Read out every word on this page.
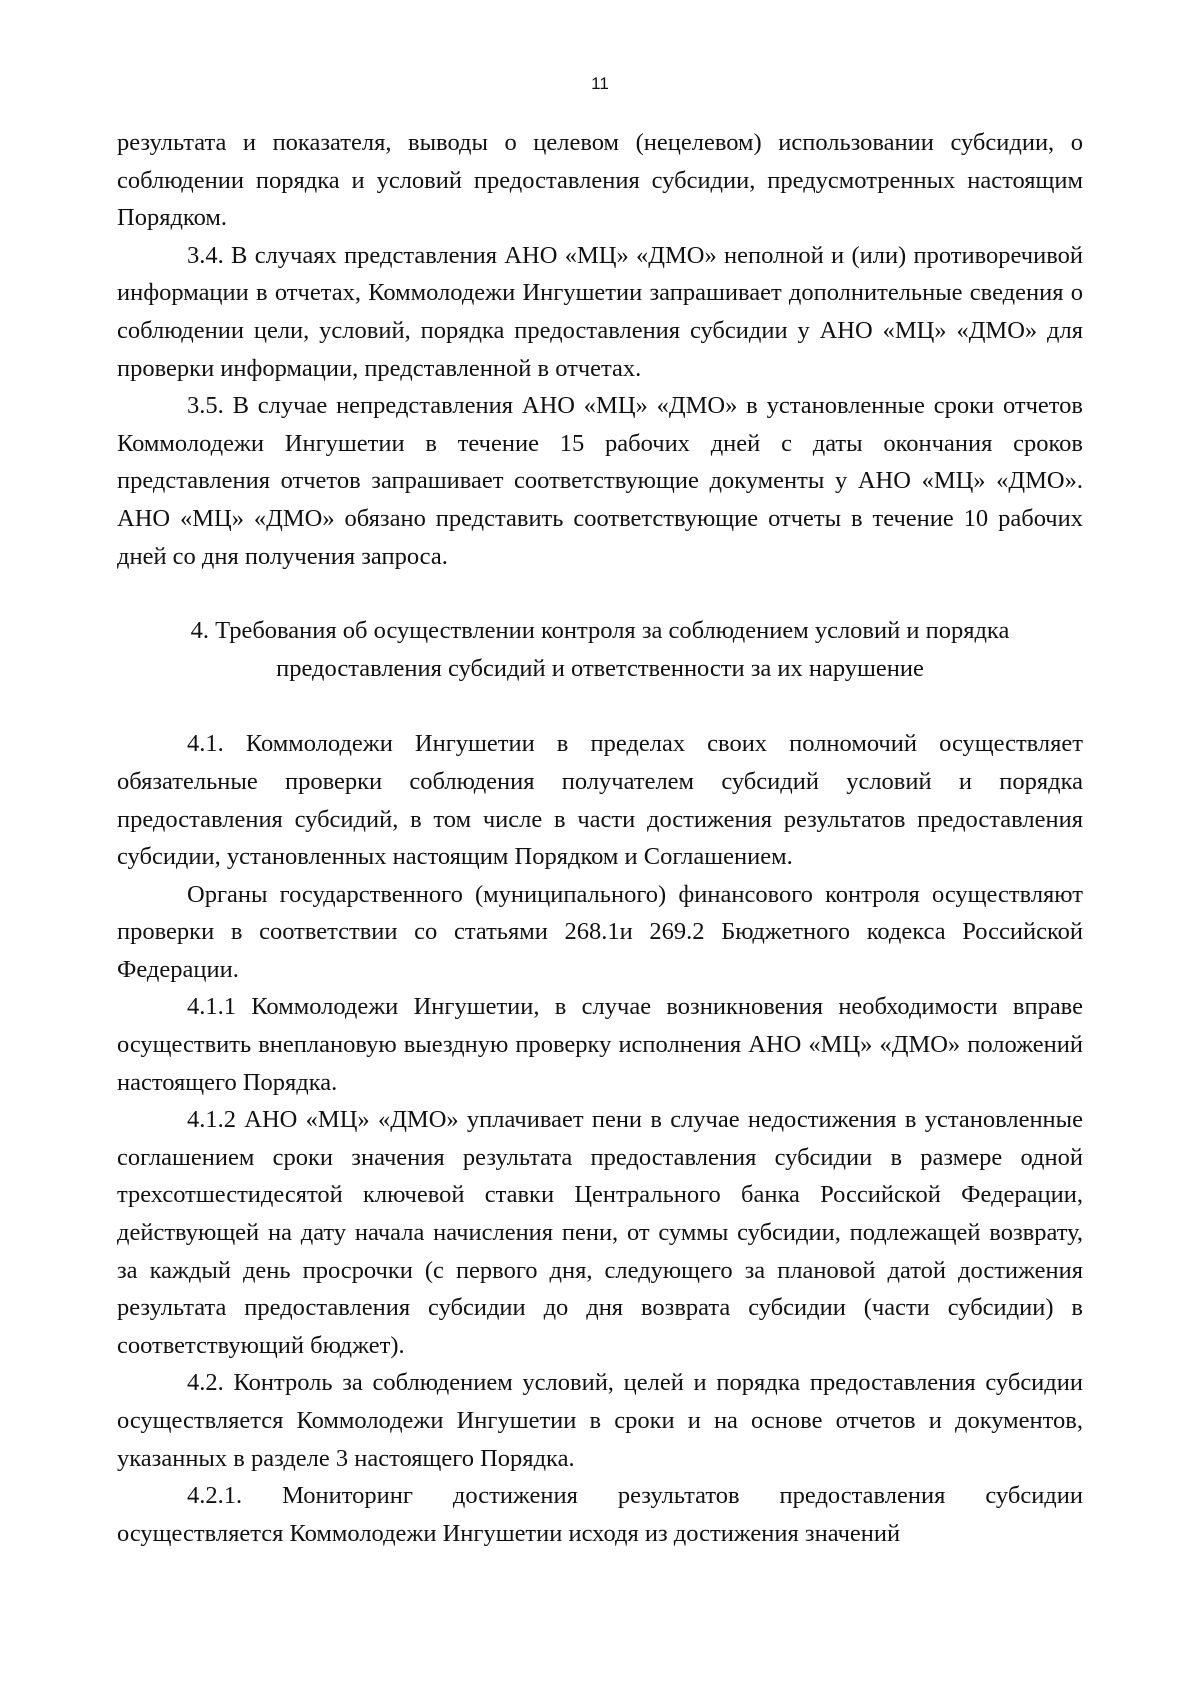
11

результата и показателя, выводы о целевом (нецелевом) использовании субсидии, о соблюдении порядка и условий предоставления субсидии, предусмотренных настоящим Порядком.

3.4. В случаях представления АНО «МЦ» «ДМО» неполной и (или) противоречивой информации в отчетах, Коммолодежи Ингушетии запрашивает дополнительные сведения о соблюдении цели, условий, порядка предоставления субсидии у АНО «МЦ» «ДМО» для проверки информации, представленной в отчетах.

3.5. В случае непредставления АНО «МЦ» «ДМО» в установленные сроки отчетов Коммолодежи Ингушетии в течение 15 рабочих дней с даты окончания сроков представления отчетов запрашивает соответствующие документы у АНО «МЦ» «ДМО». АНО «МЦ» «ДМО» обязано представить соответствующие отчеты в течение 10 рабочих дней со дня получения запроса.

4. Требования об осуществлении контроля за соблюдением условий и порядка

предоставления субсидий и ответственности за их нарушение

4.1. Коммолодежи Ингушетии в пределах своих полномочий осуществляет обязательные проверки соблюдения получателем субсидий условий и порядка предоставления субсидий, в том числе в части достижения результатов предоставления субсидии, установленных настоящим Порядком и Соглашением.

Органы государственного (муниципального) финансового контроля осуществляют проверки в соответствии со статьями 268.1и 269.2 Бюджетного кодекса Российской Федерации.

4.1.1 Коммолодежи Ингушетии, в случае возникновения необходимости вправе осуществить внеплановую выездную проверку исполнения АНО «МЦ» «ДМО» положений настоящего Порядка.

4.1.2 АНО «МЦ» «ДМО» уплачивает пени в случае недостижения в установленные соглашением сроки значения результата предоставления субсидии в размере одной трехсотшестидесятой ключевой ставки Центрального банка Российской Федерации, действующей на дату начала начисления пени, от суммы субсидии, подлежащей возврату, за каждый день просрочки (с первого дня, следующего за плановой датой достижения результата предоставления субсидии до дня возврата субсидии (части субсидии) в соответствующий бюджет).

4.2. Контроль за соблюдением условий, целей и порядка предоставления субсидии осуществляется Коммолодежи Ингушетии в сроки и на основе отчетов и документов, указанных в разделе 3 настоящего Порядка.

4.2.1. Мониторинг достижения результатов предоставления субсидии осуществляется Коммолодежи Ингушетии исходя из достижения значений
